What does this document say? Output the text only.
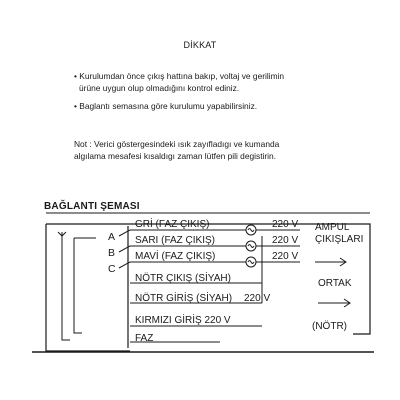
DİKKAT
• Kurulumdan önce çıkış hattına bakıp, voltaj ve gerilimin
ürüne uygun olup olmadığını kontrol ediniz.
• Baglantı semasına göre kurulumu yapabilirsiniz.
Not : Verici göstergesindeki ısık zayıfladıgı ve kumanda
algılama mesafesi kısaldıgı zaman lütfen pili degistirin.
BAĞLANTI ŞEMASI
A
B
C
GRİ (FAZ ÇIKIŞ)
SARI (FAZ ÇIKIŞ)
MAVİ (FAZ ÇIKIŞ)
NÖTR ÇIKIŞ (SİYAH)
NÖTR GİRİŞ (SİYAH)
KIRMIZI GİRİŞ 220 V
FAZ
220 V
220 V
220 V
220 V
AMPUL
ÇIKIŞLARI
ORTAK
(NÖTR)
